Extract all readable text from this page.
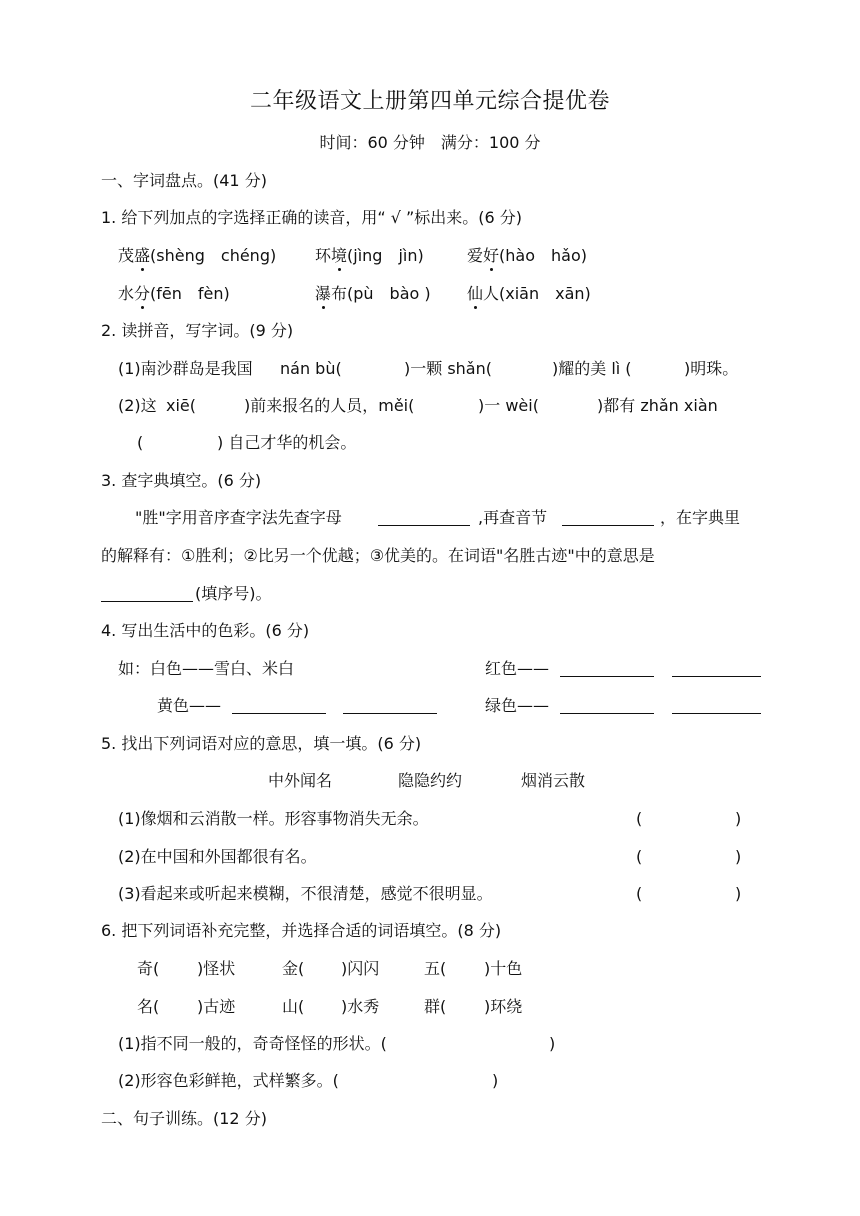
二年级语文上册第四单元综合提优卷
时间：60 分钟　满分：100 分
一、字词盘点。(41 分)
1. 给下列加点的字选择正确的读音，用“ √ ”标出来。(6 分)
茂盛(shèng　chéng) 环境(jìng　jìn)	爱好(hào　hǎo)
水分(fēn　fèn)	瀑布(pù　bào ) 仙人(xiān　xān)
2. 读拼音，写字词。(9 分)
(1)南沙群岛是我国 nán bù(	)一颗 shǎn(	)耀的美 lì (	)明珠。
(2)这 xiē(	)前来报名的人员，měi(	)一 wèi(	)都有 zhǎn xiàn
(	) 自己才华的机会。
3. 查字典填空。(6 分)
"胜"字用音序查字法先查字母	,再查音节	，在字典里
的解释有：①胜利；②比另一个优越；③优美的。在词语"名胜古迹"中的意思是
(填序号)。
4. 写出生活中的色彩。(6 分)
如：白色——雪白、米白	红色——
黄色——	绿色——
5. 找出下列词语对应的意思，填一填。(6 分)
中外闻名	隐隐约约	烟消云散
(1)像烟和云消散一样。形容事物消失无余。	(	)
(2)在中国和外国都很有名。	(	)
(3)看起来或听起来模糊，不很清楚，感觉不很明显。	(	)
6. 把下列词语补充完整，并选择合适的词语填空。(8 分)
奇( )怪状	金( )闪闪	五( )十色
名( )古迹	山( )水秀	群( )环绕
(1)指不同一般的，奇奇怪怪的形状。(	)
(2)形容色彩鲜艳，式样繁多。(	)
二、句子训练。(12 分)
